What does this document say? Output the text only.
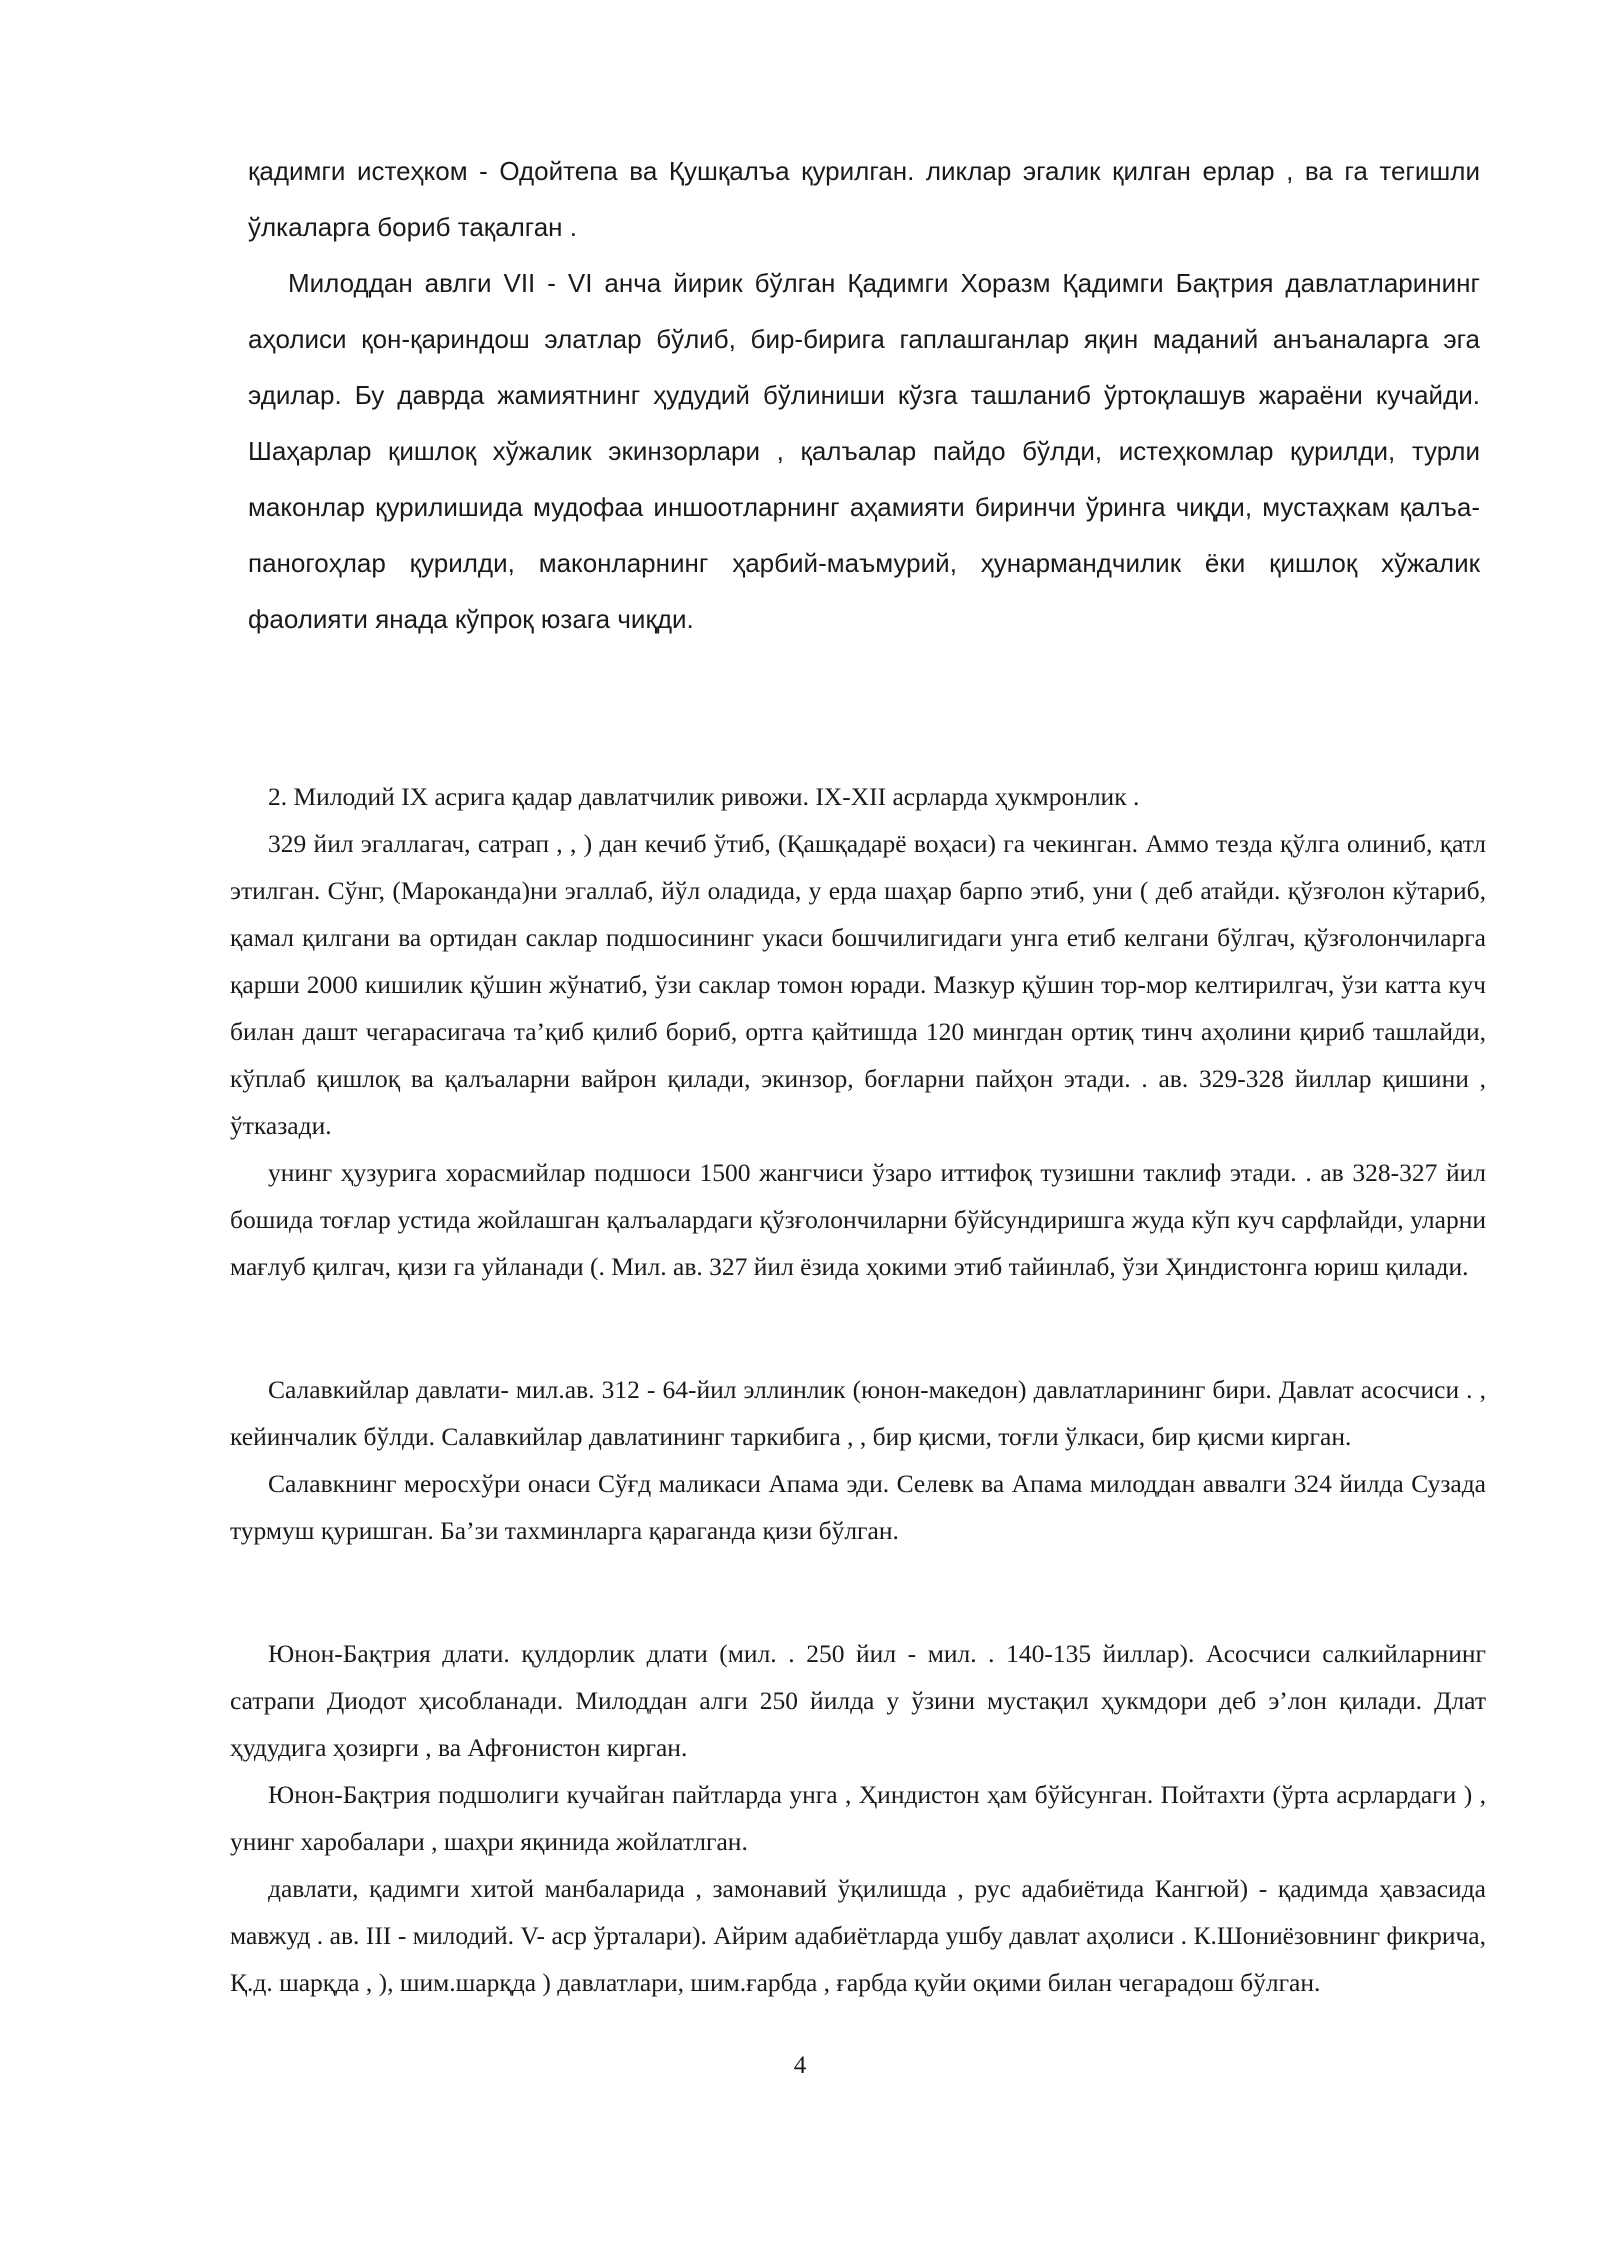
қадимги истеҳком - Одойтепа ва Қушқалъа қурилган. ликлар эгалик қилган ерлар , ва га тегишли ўлкаларга бориб тақалган .

Милоддан авлги VII - VI анча йирик бўлган Қадимги Хоразм Қадимги Бақтрия давлатларининг аҳолиси қон-қариндош элатлар бўлиб, бир-бирига гаплашганлар яқин маданий анъаналарга эга эдилар. Бу даврда жамиятнинг ҳудудий бўлиниши кўзга ташланиб ўртоқлашув жараёни кучайди. Шаҳарлар қишлоқ хўжалик экинзорлари , қалъалар пайдо бўлди, истеҳкомлар қурилди, турли маконлар қурилишида мудофаа иншоотларнинг аҳамияти биринчи ўринга чиқди, мустаҳкам қалъа-паногоҳлар қурилди, маконларнинг ҳарбий-маъмурий, ҳунармандчилик ёки қишлоқ хўжалик фаолияти янада кўпроқ юзага чиқди.

2. Милодий IX асрига қадар давлатчилик ривожи. IX-XII асрларда ҳукмронлик .

329 йил эгаллагач, сатрап , , ) дан кечиб ўтиб, (Қашқадарё воҳаси) га чекинган. Аммо тезда қўлга олиниб, қатл этилган. Сўнг, (Мароканда)ни эгаллаб, йўл оладида, у ерда шаҳар барпо этиб, уни ( деб атайди. қўзғолон кўтариб, қамал қилгани ва ортидан саклар подшосининг укаси бошчилигидаги унга етиб келгани бўлгач, қўзғолончиларга қарши 2000 кишилик қўшин жўнатиб, ўзи саклар томон юради. Мазкур қўшин тор-мор келтирилгач, ўзи катта куч билан дашт чегарасигача та’қиб қилиб бориб, ортга қайтишда 120 мингдан ортиқ тинч аҳолини қириб ташлайди, кўплаб қишлоқ ва қалъаларни вайрон қилади, экинзор, боғларни пайҳон этади. . ав. 329-328 йиллар қишини , ўтказади.

унинг ҳузурига хорасмийлар подшоси 1500 жангчиси ўзаро иттифоқ тузишни таклиф этади. . ав 328-327 йил бошида тоғлар устида жойлашган қалъалардаги қўзғолончиларни бўйсундиришга жуда кўп куч сарфлайди, уларни мағлуб қилгач, қизи га уйланади (. Мил. ав. 327 йил ёзида ҳокими этиб тайинлаб, ўзи Ҳиндистонга юриш қилади.

Салавкийлар давлати- мил.ав. 312 - 64-йил эллинлик (юнон-македон) давлатларининг бири. Давлат асосчиси . , кейинчалик бўлди. Салавкийлар давлатининг таркибига , , бир қисми, тоғли ўлкаси, бир қисми кирган.

Салавкнинг меросхўри онаси Сўғд маликаси Апама эди. Селевк ва Апама милоддан аввалги 324 йилда Сузада турмуш қуришган. Ба’зи тахминларга қараганда қизи бўлган.

Юнон-Бақтрия длати. қулдорлик длати (мил. . 250 йил - мил. . 140-135 йиллар). Асосчиси салкийларнинг сатрапи Диодот ҳисобланади. Милоддан алги 250 йилда у ўзини мустақил ҳукмдори деб э’лон қилади. Длат ҳудудига ҳозирги , ва Афғонистон кирган.

Юнон-Бақтрия подшолиги кучайган пайтларда унга , Ҳиндистон ҳам бўйсунган. Пойтахти (ўрта асрлардаги ) , унинг харобалари , шаҳри яқинида жойлатлган.

давлати, қадимги хитой манбаларида , замонавий ўқилишда , рус адабиётида Кангюй) - қадимда ҳавзасида мавжуд . ав. III - милодий. V- аср ўрталари). Айрим адабиётларда ушбу давлат аҳолиси . К.Шониёзовнинг фикрича, Қ.д. шарқда , ), шим.шарқда ) давлатлари, шим.ғарбда , ғарбда қуйи оқими билан чегарадош бўлган.

4
